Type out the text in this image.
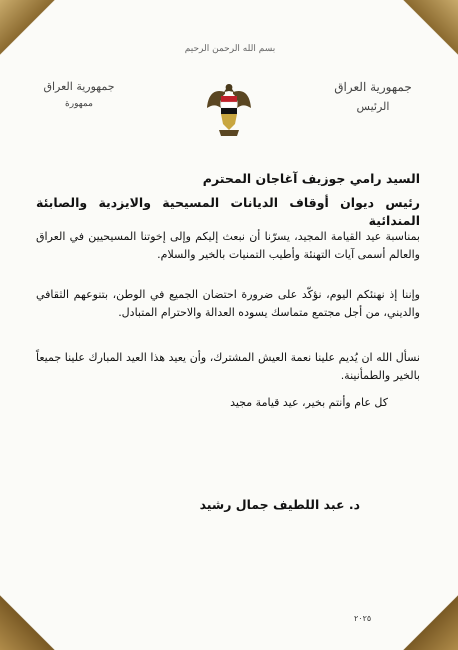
بسم الله الرحمن الرحيم
جمهورية العراق
الرئيس
جمهورية العراق
ممهورة
السيد رامي جوزيف آغاجان المحترم
رئيس ديوان أوقاف الديانات المسيحية والايزدية والصابئة المندائية
بمناسبة عيد القيامة المجيد، يسرّنا أن نبعث إليكم وإلى إخوتنا المسيحيين في العراق والعالم أسمى آيات التهنئة وأطيب التمنيات بالخير والسلام.
وإننا إذ نهنئكم اليوم، نؤكّد على ضرورة احتضان الجميع في الوطن، بتنوعهم الثقافي والديني، من أجل مجتمع متماسك يسوده العدالة والاحترام المتبادل.
نسأل الله ان يُديم علينا نعمة العيش المشترك، وأن يعيد هذا العيد المبارك علينا جميعاً بالخير والطمأنينة.
كل عام وأنتم بخير، عيد قيامة مجيد
د. عبد اللطيف جمال رشيد
٢٠٢٥
